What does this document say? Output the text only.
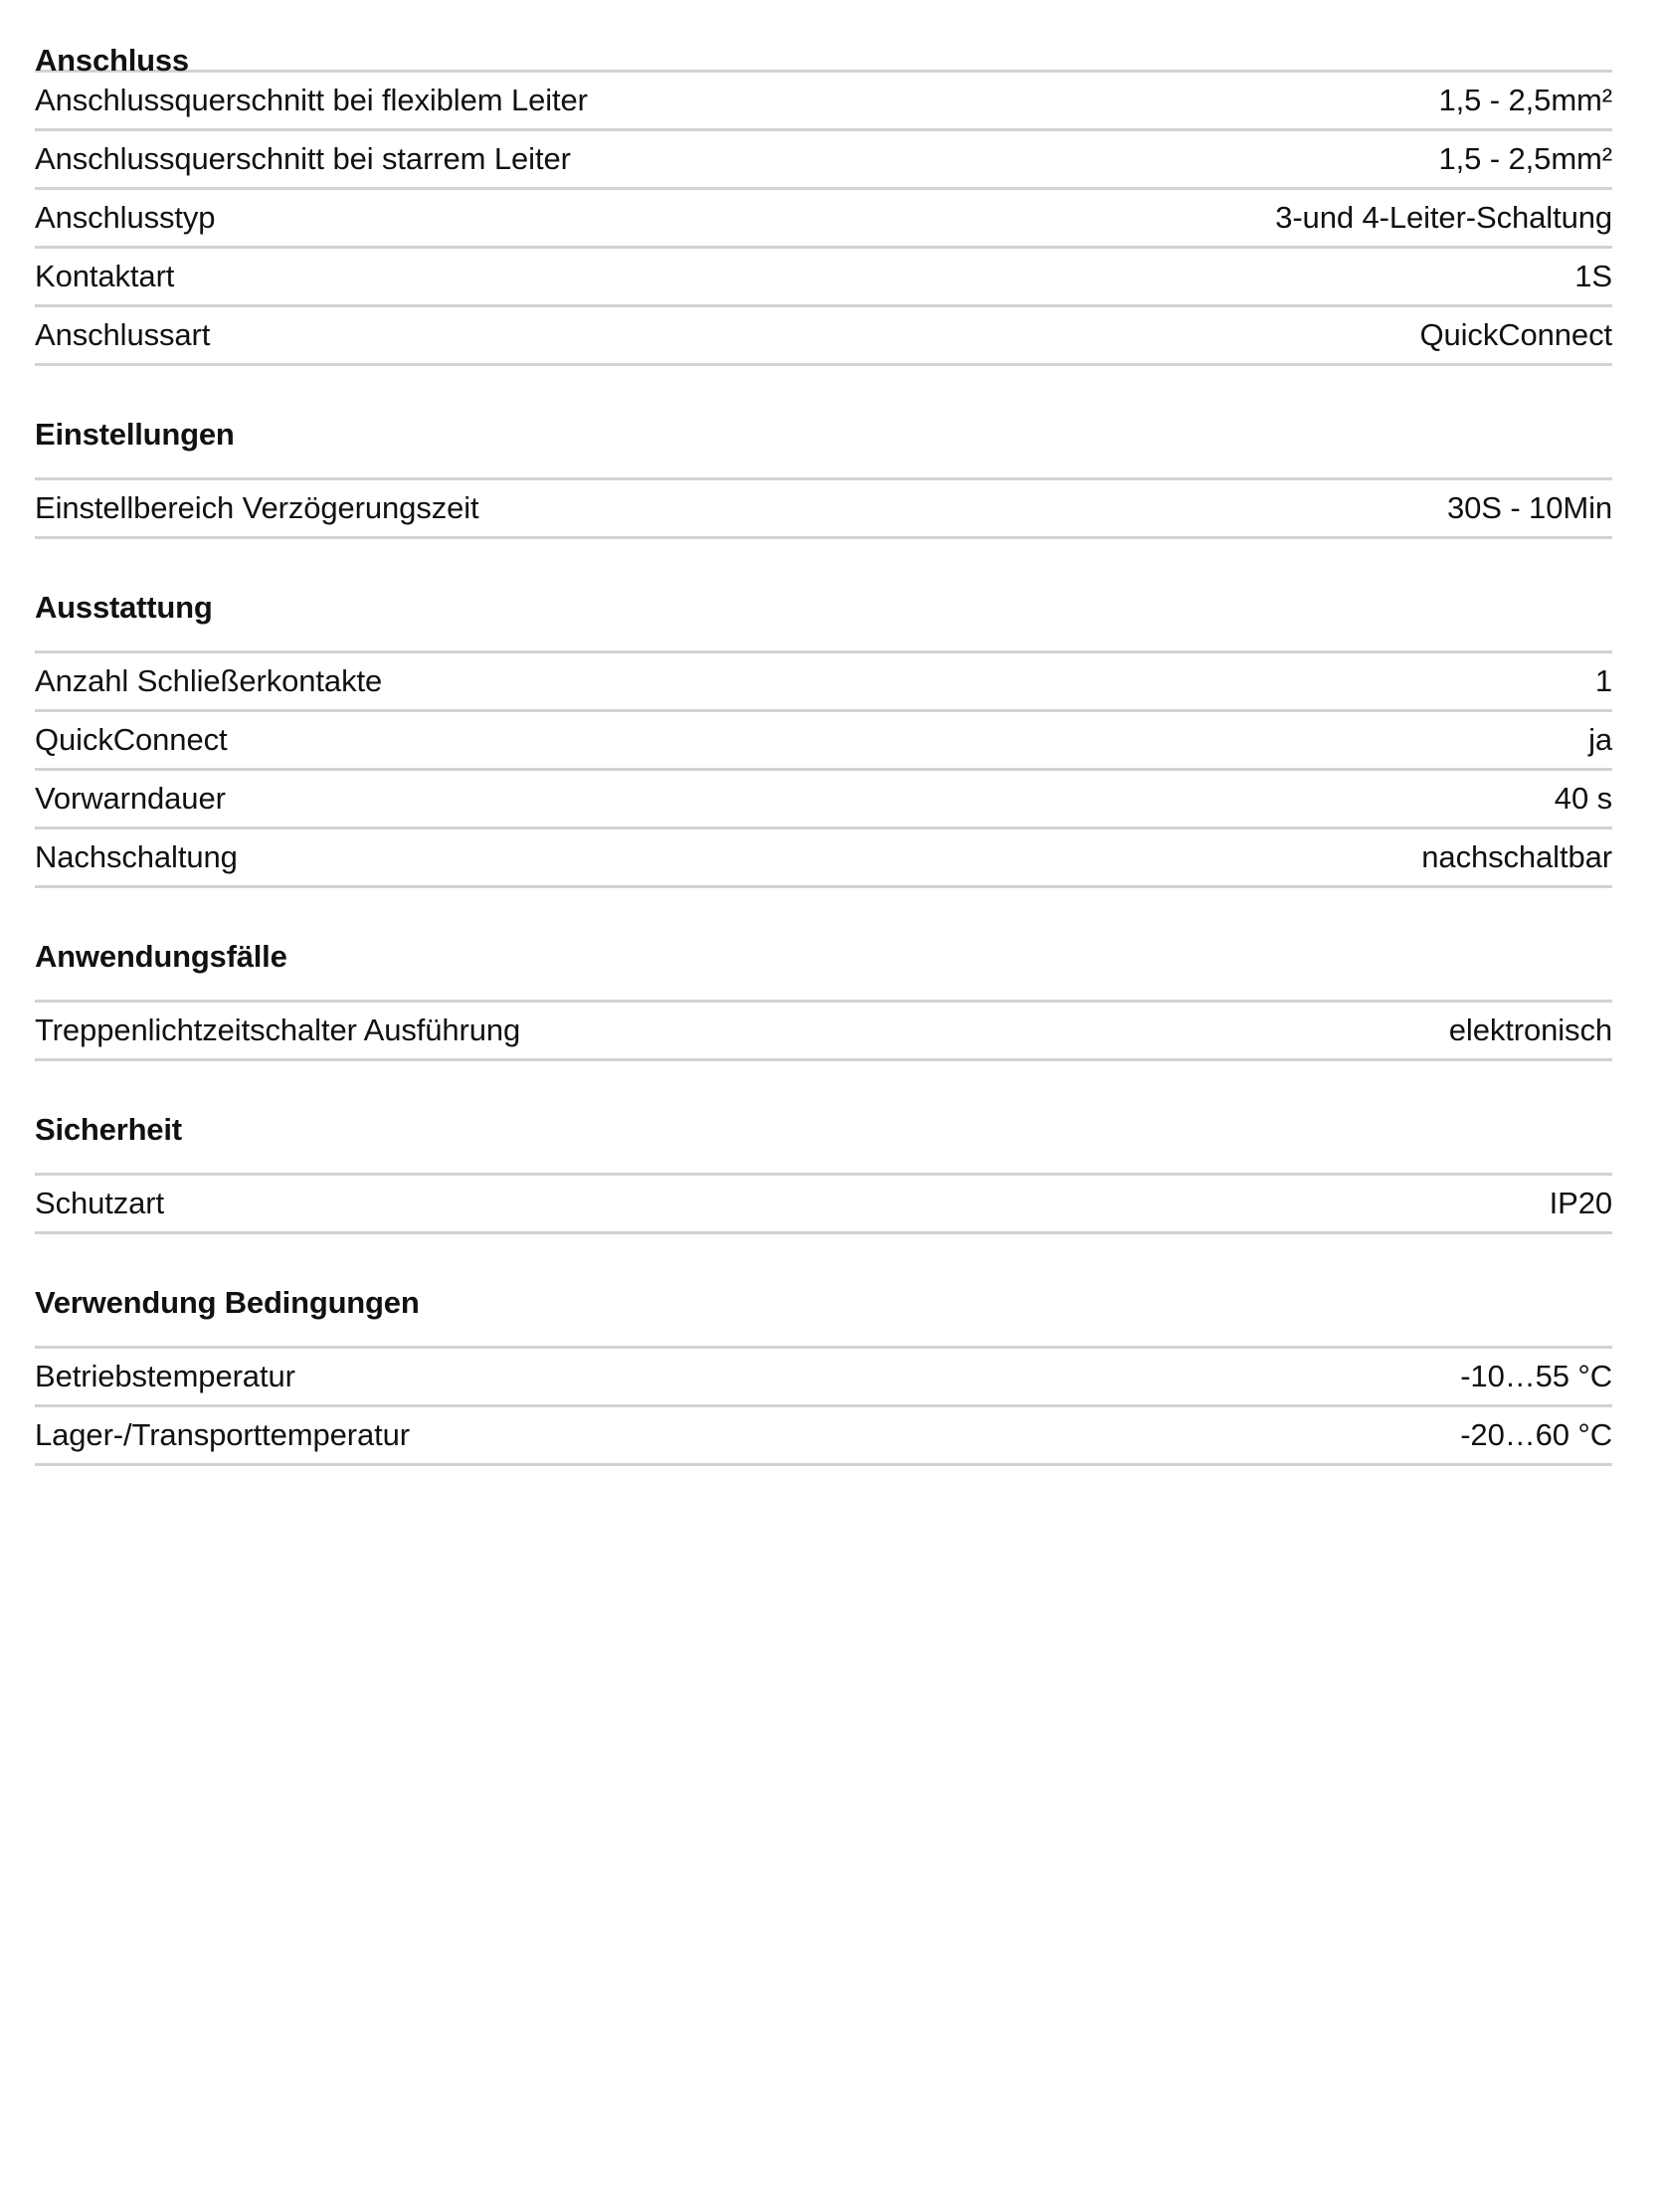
Anschluss
Anschlussquerschnitt bei flexiblem Leiter	1,5 - 2,5mm²
Anschlussquerschnitt bei starrem Leiter	1,5 - 2,5mm²
Anschlusstyp	3-und 4-Leiter-Schaltung
Kontaktart	1S
Anschlussart	QuickConnect
Einstellungen
Einstellbereich Verzögerungszeit	30S - 10Min
Ausstattung
Anzahl Schließerkontakte	1
QuickConnect	ja
Vorwarndauer	40 s
Nachschaltung	nachschaltbar
Anwendungsfälle
Treppenlichtzeitschalter Ausführung	elektronisch
Sicherheit
Schutzart	IP20
Verwendung Bedingungen
Betriebstemperatur	-10…55 °C
Lager-/Transporttemperatur	-20…60 °C
